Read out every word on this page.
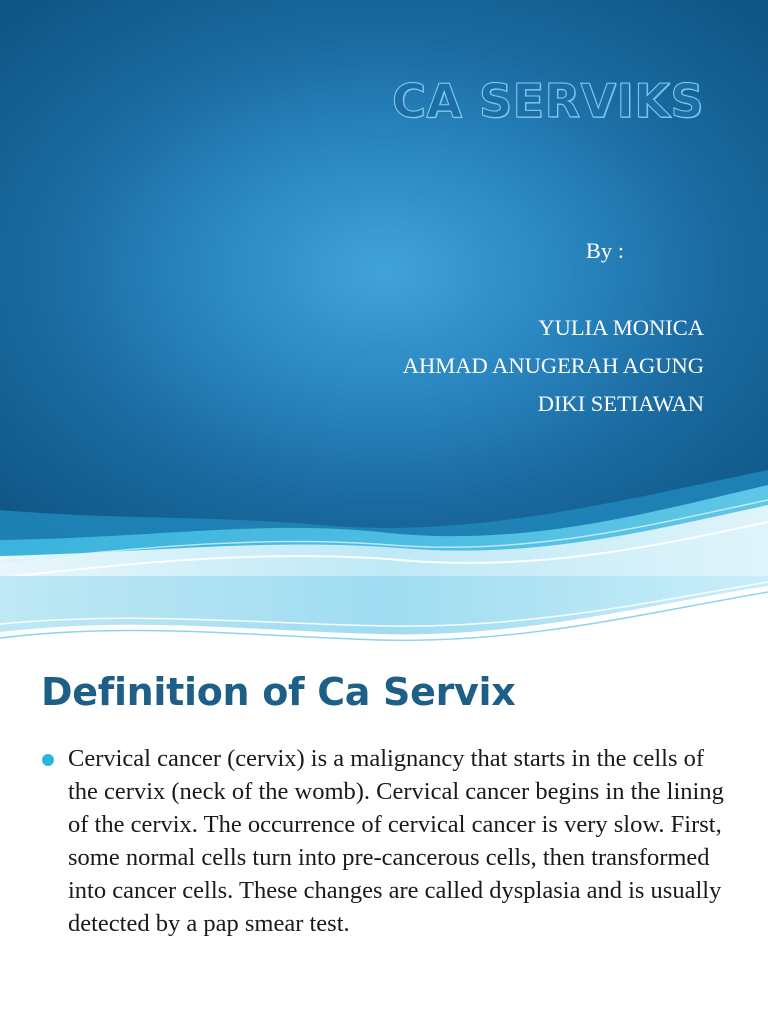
CA SERVIKS
By :
YULIA MONICA
AHMAD ANUGERAH AGUNG
DIKI SETIAWAN
Definition of Ca Servix

Cervical cancer (cervix) is a malignancy that starts in the cells of the cervix (neck of the womb). Cervical cancer begins in the lining of the cervix. The occurrence of cervical cancer is very slow. First, some normal cells turn into pre-cancerous cells, then transformed into cancer cells. These changes are called dysplasia and is usually detected by a pap smear test.
